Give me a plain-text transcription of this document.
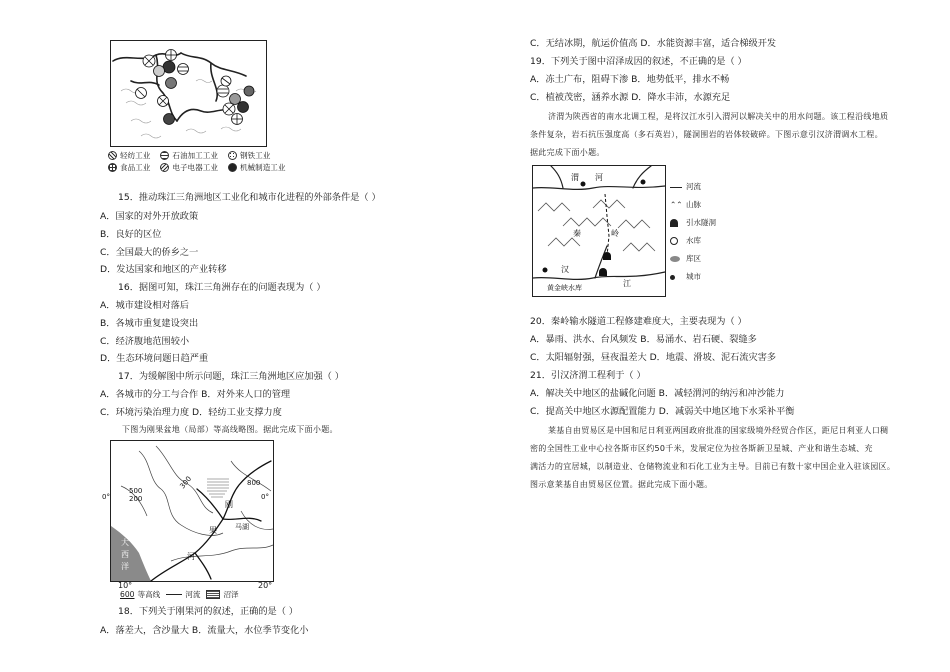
轻纺工业	石油加工工业	钢铁工业
食品工业	电子电器工业	机械制造工业
15．推动珠江三角洲地区工业化和城市化进程的外部条件是（ ）
A．国家的对外开放政策
B．良好的区位
C．全国最大的侨乡之一
D．发达国家和地区的产业转移
16．据图可知，珠江三角洲存在的问题表现为（ ）
A．城市建设相对落后
B．各城市重复建设突出
C．经济腹地范围较小
D．生态环境问题日趋严重
17．为缓解图中所示问题，珠江三角洲地区应加强（ ）
A．各城市的分工与合作 B．对外来人口的管理
C．环境污染治理力度 D．轻纺工业支撑力度
下图为刚果盆地（局部）等高线略图。据此完成下面小题。
0°	0°
500
200
300	800
大
西
洋
刚
果
河
马湖
10°	20°
600 等高线	河流	沼泽
18．下列关于刚果河的叙述，正确的是（ ）
A．落差大，含沙量大 B．流量大，水位季节变化小
C．无结冰期，航运价值高 D．水能资源丰富，适合梯级开发
19．下列关于图中沼泽成因的叙述，不正确的是（ ）
A．冻土广布，阻碍下渗 B．地势低平，排水不畅
C．植被茂密，涵养水源 D．降水丰沛，水源充足
济渭为陕西省的南水北调工程，是将汉江水引入渭河以解决关中的用水问题。该工程沿线地质
条件复杂，岩石抗压强度高（多石英岩），隧洞围岩的岩体较破碎。下图示意引汉济渭调水工程。
据此完成下面小题。
渭 河
秦	岭
汉
江
黄金峡水库
河流
⌃⌃ 山脉
引水隧洞
水库
库区
城市
20．秦岭输水隧道工程修建难度大，主要表现为（ ）
A．暴雨、洪水、台风频发 B．易涌水、岩石硬、裂缝多
C．太阳辐射强，昼夜温差大 D．地震、滑坡、泥石流灾害多
21．引汉济渭工程利于（ ）
A．解决关中地区的盐碱化问题 B．减轻渭河的纳污和冲沙能力
C．提高关中地区水源配置能力 D．减弱关中地区地下水采补平衡
莱基自由贸易区是中国和尼日利亚两国政府批准的国家级境外经贸合作区，距尼日利亚人口稠
密的全国性工业中心拉各斯市区约50千米，发展定位为拉各斯新卫星城、产业和谐生态城、充
满活力的宜居城，以制造业、仓储物流业和石化工业为主导。目前已有数十家中国企业入驻该园区。
图示意莱基自由贸易区位置。据此完成下面小题。
